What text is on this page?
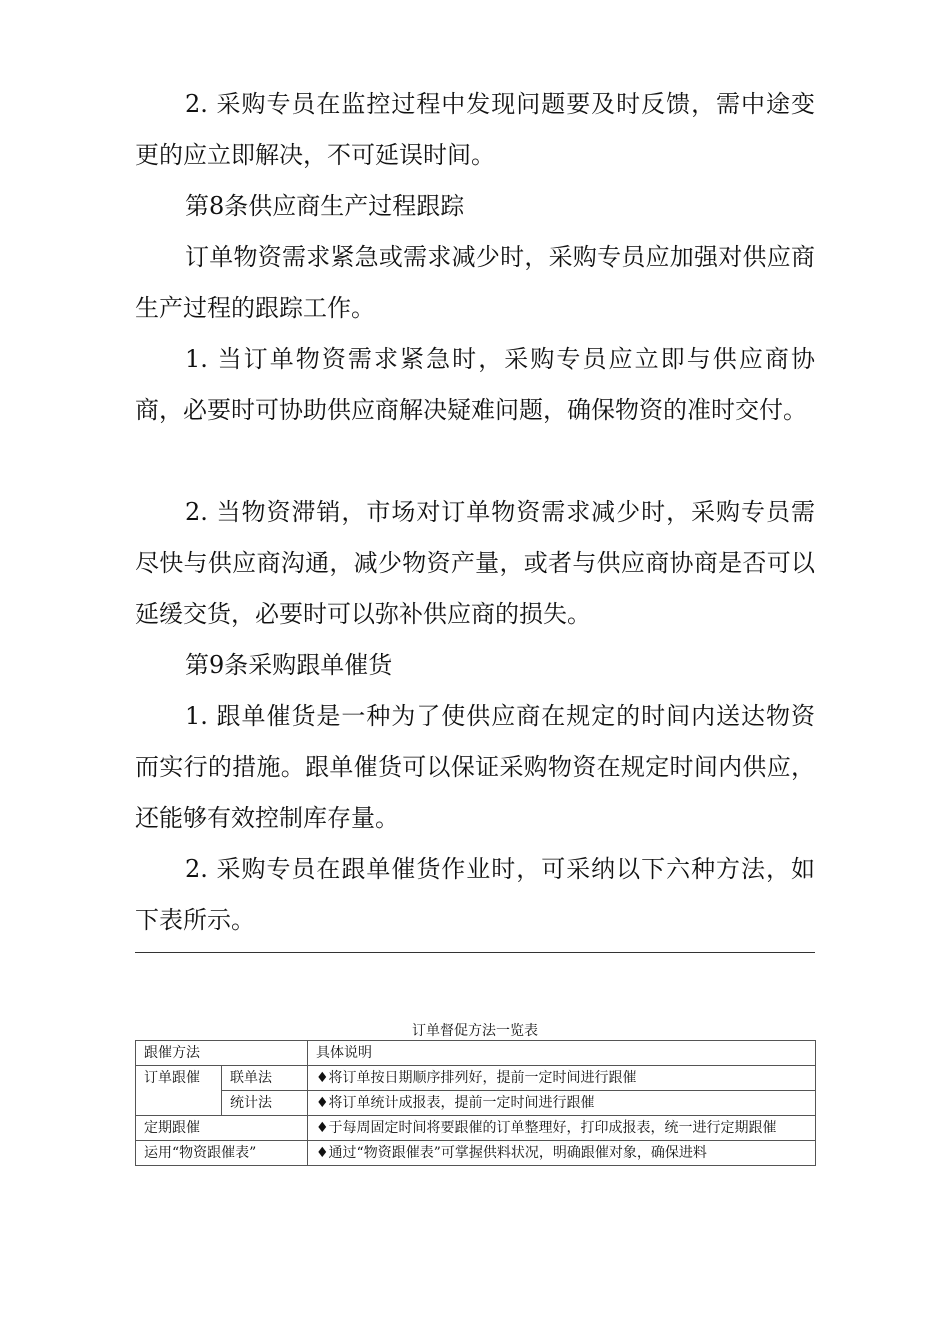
2. 采购专员在监控过程中发现问题要及时反馈，需中途变更的应立即解决，不可延误时间。

第8条供应商生产过程跟踪

订单物资需求紧急或需求减少时，采购专员应加强对供应商生产过程的跟踪工作。

1. 当订单物资需求紧急时，采购专员应立即与供应商协商，必要时可协助供应商解决疑难问题，确保物资的准时交付。

2. 当物资滞销，市场对订单物资需求减少时，采购专员需尽快与供应商沟通，减少物资产量，或者与供应商协商是否可以延缓交货，必要时可以弥补供应商的损失。

第9条采购跟单催货

1. 跟单催货是一种为了使供应商在规定的时间内送达物资而实行的措施。跟单催货可以保证采购物资在规定时间内供应，还能够有效控制库存量。

2. 采购专员在跟单催货作业时，可采纳以下六种方法，如下表所示。

订单督促方法一览表
跟催方法		具体说明
订单跟催	联单法	♦将订单按日期顺序排列好，提前一定时间进行跟催
	统计法	♦将订单统计成报表，提前一定时间进行跟催
定期跟催		♦于每周固定时间将要跟催的订单整理好，打印成报表，统一进行定期跟催
运用“物资跟催表”		♦通过“物资跟催表”可掌握供料状况，明确跟催对象，确保进料
